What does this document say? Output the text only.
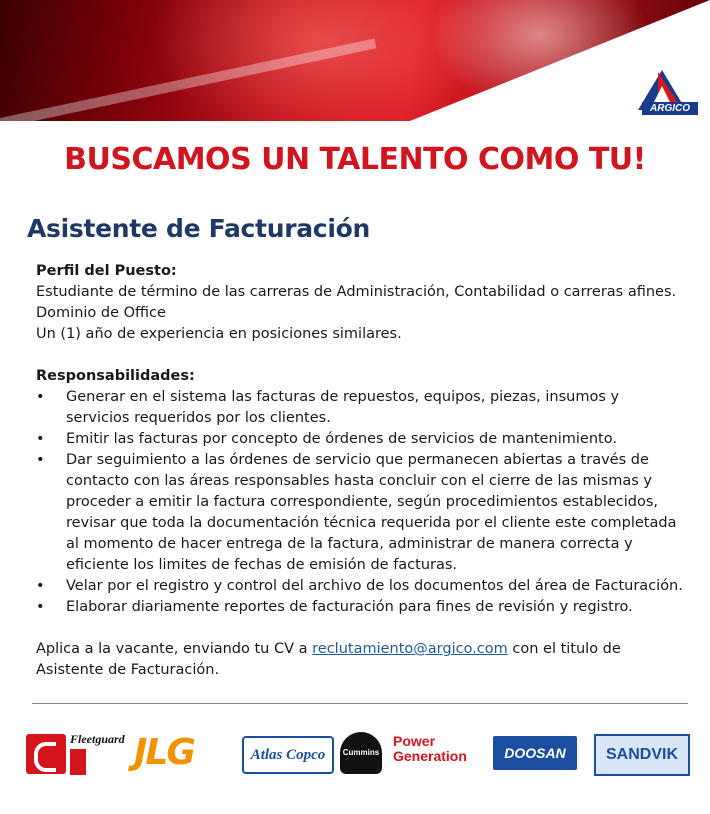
ARGICO
BUSCAMOS UN TALENTO COMO TU!
Asistente de Facturación

Perfil del Puesto:

Estudiante de término de las carreras de Administración, Contabilidad o carreras afines.

Dominio de Office

Un (1) año de experiencia en posiciones similares.

Responsabilidades:

• Generar en el sistema las facturas de repuestos, equipos, piezas, insumos y servicios requeridos por los clientes.
• Emitir las facturas por concepto de órdenes de servicios de mantenimiento.
• Dar seguimiento a las órdenes de servicio que permanecen abiertas a través de contacto con las áreas responsables hasta concluir con el cierre de las mismas y proceder a emitir la factura correspondiente, según procedimientos establecidos, revisar que toda la documentación técnica requerida por el cliente este completada al momento de hacer entrega de la factura, administrar de manera correcta y eficiente los limites de fechas de emisión de facturas.
• Velar por el registro y control del archivo de los documentos del área de Facturación.
• Elaborar diariamente reportes de facturación para fines de revisión y registro.

Aplica a la vacante, enviando tu CV a reclutamiento@argico.com con el titulo de Asistente de Facturación.

Fleetguard JLG	Atlas Copco	Cummins
Power
Generation	DOOSAN	SANDVIK
